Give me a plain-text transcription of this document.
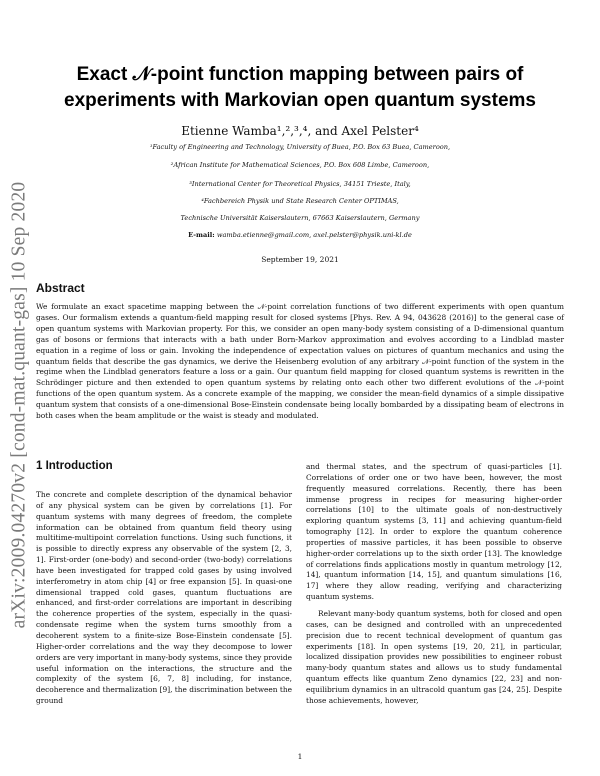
arXiv:2009.04270v2 [cond-mat.quant-gas] 10 Sep 2020
Exact 𝒩-point function mapping between pairs of
experiments with Markovian open quantum systems

Etienne Wamba¹,²,³,⁴, and Axel Pelster⁴

¹Faculty of Engineering and Technology, University of Buea, P.O. Box 63 Buea, Cameroon,

²African Institute for Mathematical Sciences, P.O. Box 608 Limbe, Cameroon,

³International Center for Theoretical Physics, 34151 Trieste, Italy,

⁴Fachbereich Physik und State Research Center OPTIMAS,

Technische Universität Kaiserslautern, 67663 Kaiserslautern, Germany

E-mail: wamba.etienne@gmail.com, axel.pelster@physik.uni-kl.de

September 19, 2021

Abstract

We formulate an exact spacetime mapping between the 𝒩-point correlation functions of two different experiments with open quantum gases. Our formalism extends a quantum-field mapping result for closed systems [Phys. Rev. A 94, 043628 (2016)] to the general case of open quantum systems with Markovian property. For this, we consider an open many-body system consisting of a D-dimensional quantum gas of bosons or fermions that interacts with a bath under Born-Markov approximation and evolves according to a Lindblad master equation in a regime of loss or gain. Invoking the independence of expectation values on pictures of quantum mechanics and using the quantum fields that describe the gas dynamics, we derive the Heisenberg evolution of any arbitrary 𝒩-point function of the system in the regime when the Lindblad generators feature a loss or a gain. Our quantum field mapping for closed quantum systems is rewritten in the Schrödinger picture and then extended to open quantum systems by relating onto each other two different evolutions of the 𝒩-point functions of the open quantum system. As a concrete example of the mapping, we consider the mean-field dynamics of a simple dissipative quantum system that consists of a one-dimensional Bose-Einstein condensate being locally bombarded by a dissipating beam of electrons in both cases when the beam amplitude or the waist is steady and modulated.

1 Introduction

The concrete and complete description of the dynamical behavior of any physical system can be given by correlations [1]. For quantum systems with many degrees of freedom, the complete information can be obtained from quantum field theory using multitime-multipoint correlation functions. Using such functions, it is possible to directly express any observable of the system [2, 3, 1]. First-order (one-body) and second-order (two-body) correlations have been investigated for trapped cold gases by using involved interferometry in atom chip [4] or free expansion [5]. In quasi-one dimensional trapped cold gases, quantum fluctuations are enhanced, and first-order correlations are important in describing the coherence properties of the system, especially in the quasi-condensate regime when the system turns smoothly from a decoherent system to a finite-size Bose-Einstein condensate [5]. Higher-order correlations and the way they decompose to lower orders are very important in many-body systems, since they provide useful information on the interactions, the structure and the complexity of the system [6, 7, 8] including, for instance, decoherence and thermalization [9], the discrimination between the ground

and thermal states, and the spectrum of quasi-particles [1]. Correlations of order one or two have been, however, the most frequently measured correlations. Recently, there has been immense progress in recipes for measuring higher-order correlations [10] to the ultimate goals of non-destructively exploring quantum systems [3, 11] and achieving quantum-field tomography [12]. In order to explore the quantum coherence properties of massive particles, it has been possible to observe higher-order correlations up to the sixth order [13]. The knowledge of correlations finds applications mostly in quantum metrology [12, 14], quantum information [14, 15], and quantum simulations [16, 17] where they allow reading, verifying and characterizing quantum systems.

Relevant many-body quantum systems, both for closed and open cases, can be designed and controlled with an unprecedented precision due to recent technical development of quantum gas experiments [18]. In open systems [19, 20, 21], in particular, localized dissipation provides new possibilities to engineer robust many-body quantum states and allows us to study fundamental quantum effects like quantum Zeno dynamics [22, 23] and non-equilibrium dynamics in an ultracold quantum gas [24, 25]. Despite those achievements, however,

1
